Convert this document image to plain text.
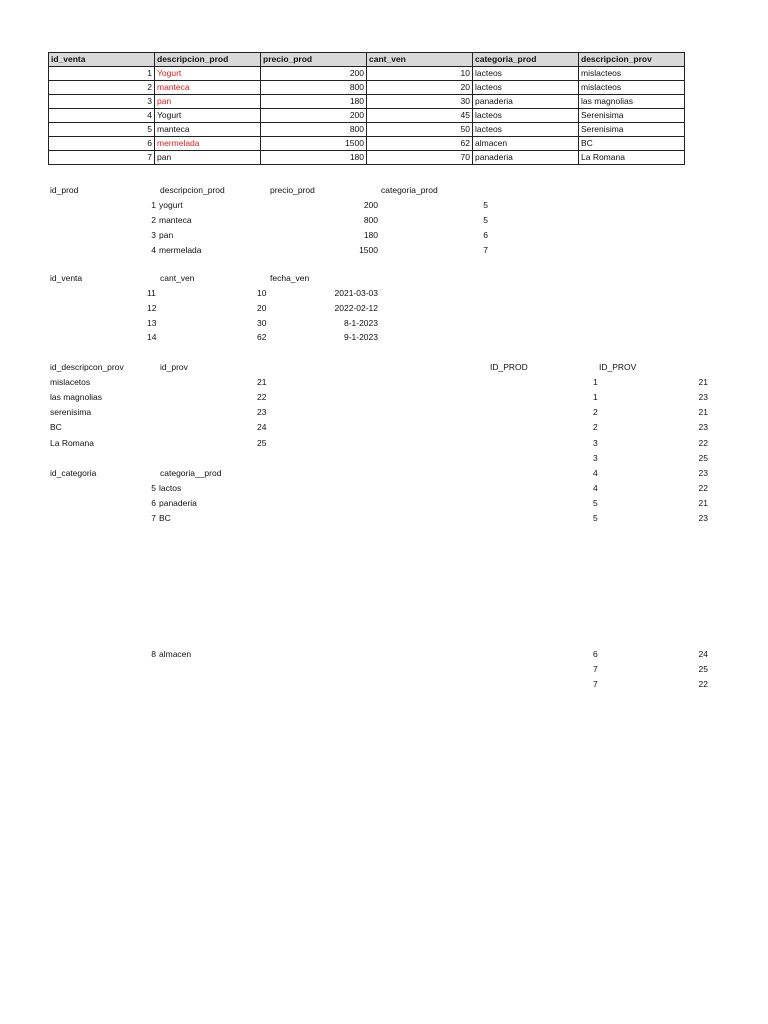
id_venta	descripcion_prod	precio_prod	cant_ven	categoria_prod	descripcion_prov
1	Yogurt	200	10	lacteos	mislacteos
2	manteca	800	20	lacteos	mislacteos
3	pan	180	30	panaderia	las magnolias
4	Yogurt	200	45	lacteos	Serenisima
5	manteca	800	50	lacteos	Serenisima
6	mermelada	1500	62	almacen	BC
7	pan	180	70	panaderia	La Romana
id_prod	descripcion_prod	precio_prod	categoria_prod
1 yogurt	200	5
2 manteca	800	5
3 pan	180	6
4 mermelada	1500	7
id_venta	cant_ven	fecha_ven
11	10	2021-03-03
12	20	2022-02-12
13	30	8-1-2023
14	62	9-1-2023
id_descripcon_prov	id_prov
mislacetos	21
las magnolias	22
serenisima	23
BC	24
La Romana	25
id_categoria	categoria__prod
5 lactos
6 panaderia
7 BC
8 almacen
ID_PROD	ID_PROV
1	21
1	23
2	21
2	23
3	22
3	25
4	23
4	22
5	21
5	23
6	24
7	25
7	22
